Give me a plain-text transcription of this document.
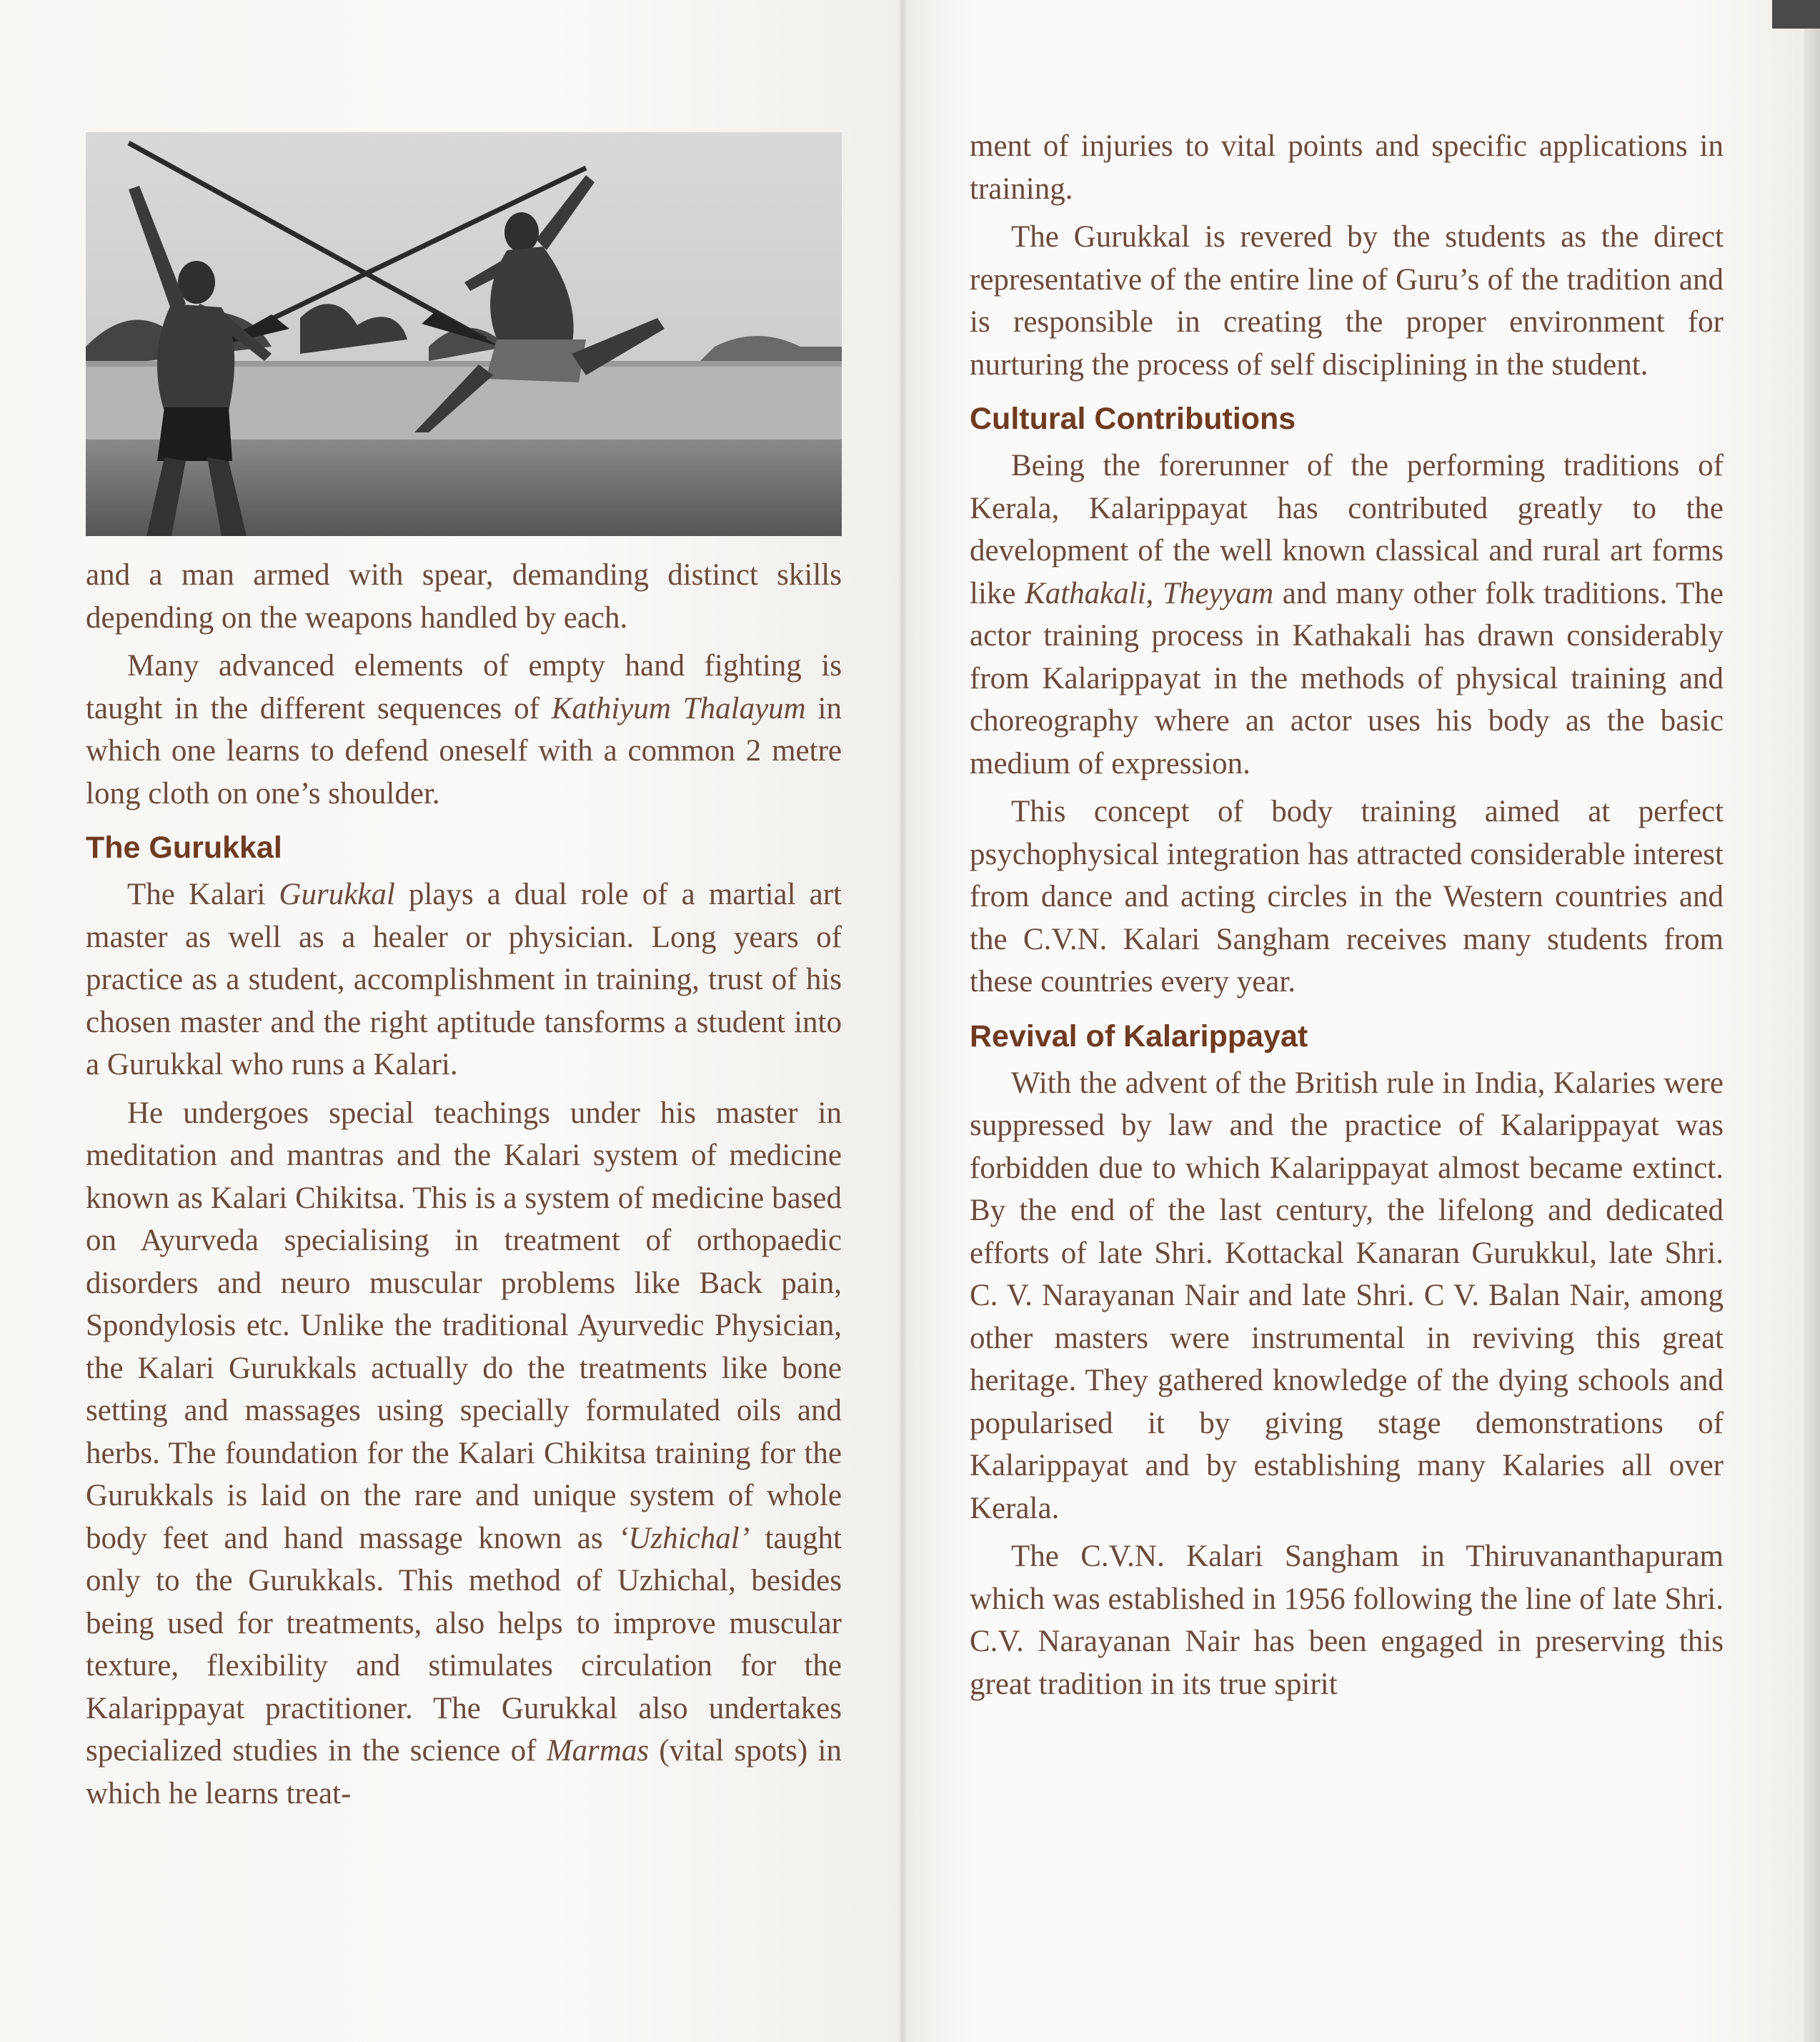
and a man armed with spear, demanding distinct skills depending on the weapons handled by each.

Many advanced elements of empty hand fighting is taught in the different sequences of Kathiyum Thalayum in which one learns to defend oneself with a common 2 metre long cloth on one’s shoulder.

The Gurukkal

The Kalari Gurukkal plays a dual role of a martial art master as well as a healer or physician. Long years of practice as a student, accomplishment in training, trust of his chosen master and the right aptitude tansforms a student into a Gurukkal who runs a Kalari.

He undergoes special teachings under his master in meditation and mantras and the Kalari system of medicine known as Kalari Chikitsa. This is a system of medicine based on Ayurveda specialising in treatment of orthopaedic disorders and neuro muscular problems like Back pain, Spondylosis etc. Unlike the traditional Ayurvedic Physician, the Kalari Gurukkals actually do the treatments like bone setting and massages using specially formulated oils and herbs. The foundation for the Kalari Chikitsa training for the Gurukkals is laid on the rare and unique system of whole body feet and hand massage known as ‘Uzhichal’ taught only to the Gurukkals. This method of Uzhichal, besides being used for treatments, also helps to improve muscular texture, flexibility and stimulates circulation for the Kalarippayat practitioner. The Gurukkal also undertakes specialized studies in the science of Marmas (vital spots) in which he learns treat-

ment of injuries to vital points and specific applications in training.

The Gurukkal is revered by the students as the direct representative of the entire line of Guru’s of the tradition and is responsible in creating the proper environment for nurturing the process of self disciplining in the student.

Cultural Contributions

Being the forerunner of the performing traditions of Kerala, Kalarippayat has contributed greatly to the development of the well known classical and rural art forms like Kathakali, Theyyam and many other folk traditions. The actor training process in Kathakali has drawn considerably from Kalarippayat in the methods of physical training and choreography where an actor uses his body as the basic medium of expression.

This concept of body training aimed at perfect psychophysical integration has attracted considerable interest from dance and acting circles in the Western countries and the C.V.N. Kalari Sangham receives many students from these countries every year.

Revival of Kalarippayat

With the advent of the British rule in India, Kalaries were suppressed by law and the practice of Kalarippayat was forbidden due to which Kalarippayat almost became extinct. By the end of the last century, the lifelong and dedicated efforts of late Shri. Kottackal Kanaran Gurukkul, late Shri. C. V. Narayanan Nair and late Shri. C V. Balan Nair, among other masters were instrumental in reviving this great heritage. They gathered knowledge of the dying schools and popularised it by giving stage demonstrations of Kalarippayat and by establishing many Kalaries all over Kerala.

The C.V.N. Kalari Sangham in Thiruvananthapuram which was established in 1956 following the line of late Shri. C.V. Narayanan Nair has been engaged in preserving this great tradition in its true spirit
